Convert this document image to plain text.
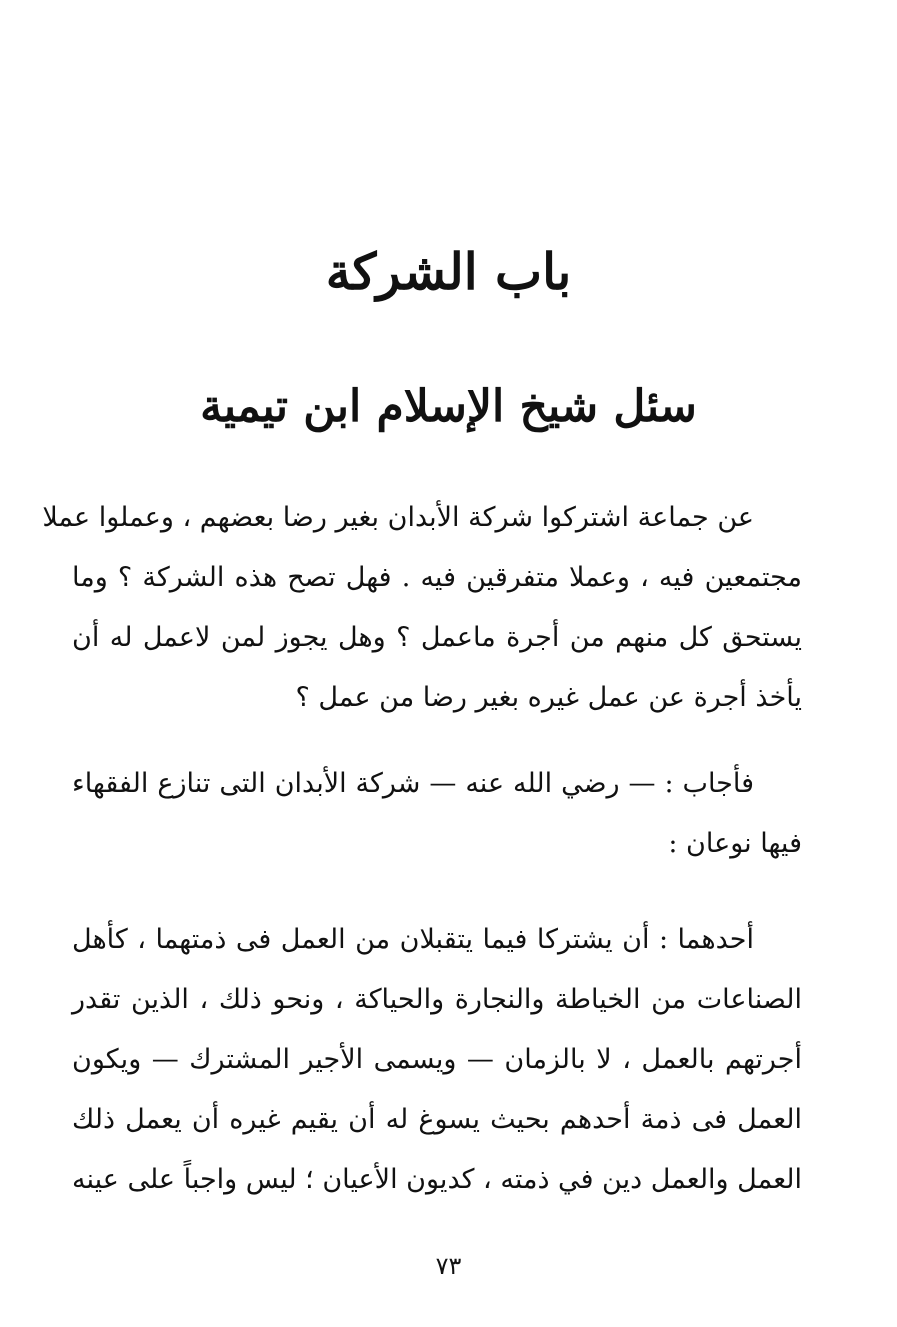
باب الشركة
سئل شيخ الإسلام ابن تيمية

عن جماعة اشتركوا شركة الأبدان بغير رضا بعضهم ، وعملوا عملا
مجتمعين فيه ، وعملا متفرقين فيه . فهل تصح هذه الشركة ؟ وما
يستحق كل منهم من أجرة ماعمل ؟ وهل يجوز لمن لاعمل له أن
يأخذ أجرة عن عمل غيره بغير رضا من عمل ؟

فأجاب : — رضي الله عنه — شركة الأبدان التى تنازع الفقهاء
فيها نوعان :

أحدهما : أن يشتركا فيما يتقبلان من العمل فى ذمتهما ، كأهل
الصناعات من الخياطة والنجارة والحياكة ، ونحو ذلك ، الذين تقدر
أجرتهم بالعمل ، لا بالزمان — ويسمى الأجير المشترك — ويكون
العمل فى ذمة أحدهم بحيث يسوغ له أن يقيم غيره أن يعمل ذلك
العمل والعمل دين في ذمته ، كديون الأعيان ؛ ليس واجباً على عينه

٧٣
